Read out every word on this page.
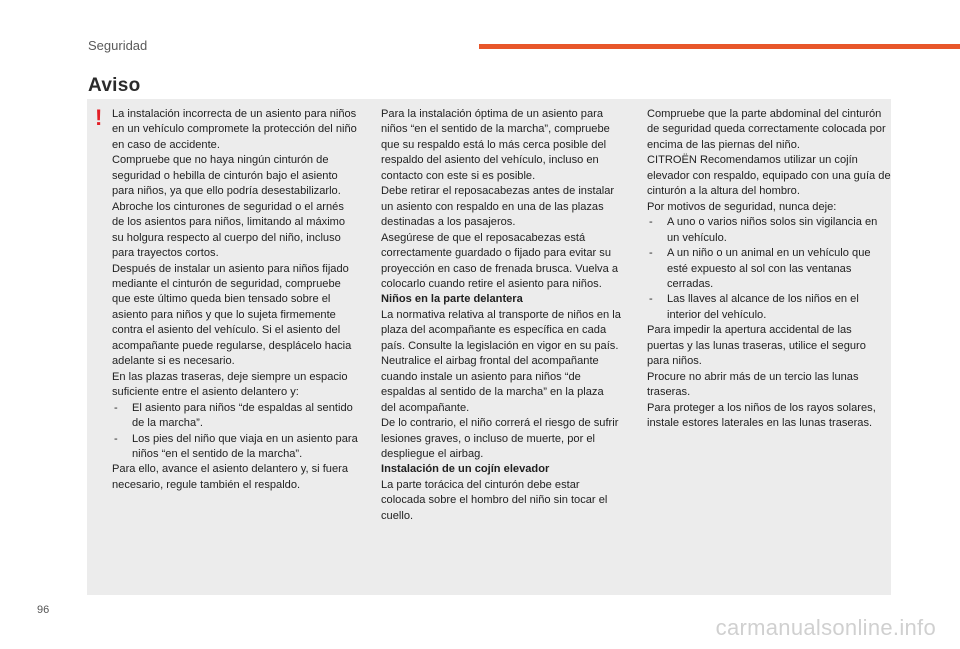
Seguridad
Aviso
! La instalación incorrecta de un asiento para niños en un vehículo compromete la protección del niño en caso de accidente.

Compruebe que no haya ningún cinturón de seguridad o hebilla de cinturón bajo el asiento para niños, ya que ello podría desestabilizarlo.

Abroche los cinturones de seguridad o el arnés de los asientos para niños, limitando al máximo su holgura respecto al cuerpo del niño, incluso para trayectos cortos.

Después de instalar un asiento para niños fijado mediante el cinturón de seguridad, compruebe que este último queda bien tensado sobre el asiento para niños y que lo sujeta firmemente contra el asiento del vehículo. Si el asiento del acompañante puede regularse, desplácelo hacia adelante si es necesario.

En las plazas traseras, deje siempre un espacio suficiente entre el asiento delantero y:

- El asiento para niños “de espaldas al sentido de la marcha”.

- Los pies del niño que viaja en un asiento para niños “en el sentido de la marcha”.

Para ello, avance el asiento delantero y, si fuera necesario, regule también el respaldo.

Para la instalación óptima de un asiento para niños “en el sentido de la marcha”, compruebe que su respaldo está lo más cerca posible del respaldo del asiento del vehículo, incluso en contacto con este si es posible.

Debe retirar el reposacabezas antes de instalar un asiento con respaldo en una de las plazas destinadas a los pasajeros.

Asegúrese de que el reposacabezas está correctamente guardado o fijado para evitar su proyección en caso de frenada brusca. Vuelva a colocarlo cuando retire el asiento para niños.

Niños en la parte delantera

La normativa relativa al transporte de niños en la plaza del acompañante es específica en cada país. Consulte la legislación en vigor en su país.

Neutralice el airbag frontal del acompañante cuando instale un asiento para niños “de espaldas al sentido de la marcha” en la plaza del acompañante.

De lo contrario, el niño correrá el riesgo de sufrir lesiones graves, o incluso de muerte, por el despliegue el airbag.

Instalación de un cojín elevador

La parte torácica del cinturón debe estar colocada sobre el hombro del niño sin tocar el cuello.

Compruebe que la parte abdominal del cinturón de seguridad queda correctamente colocada por encima de las piernas del niño.

CITROËN Recomendamos utilizar un cojín elevador con respaldo, equipado con una guía de cinturón a la altura del hombro.

Por motivos de seguridad, nunca deje:

- A uno o varios niños solos sin vigilancia en un vehículo.

- A un niño o un animal en un vehículo que esté expuesto al sol con las ventanas cerradas.

- Las llaves al alcance de los niños en el interior del vehículo.

Para impedir la apertura accidental de las puertas y las lunas traseras, utilice el seguro para niños.

Procure no abrir más de un tercio las lunas traseras.

Para proteger a los niños de los rayos solares, instale estores laterales en las lunas traseras.

96
carmanualsonline.info
